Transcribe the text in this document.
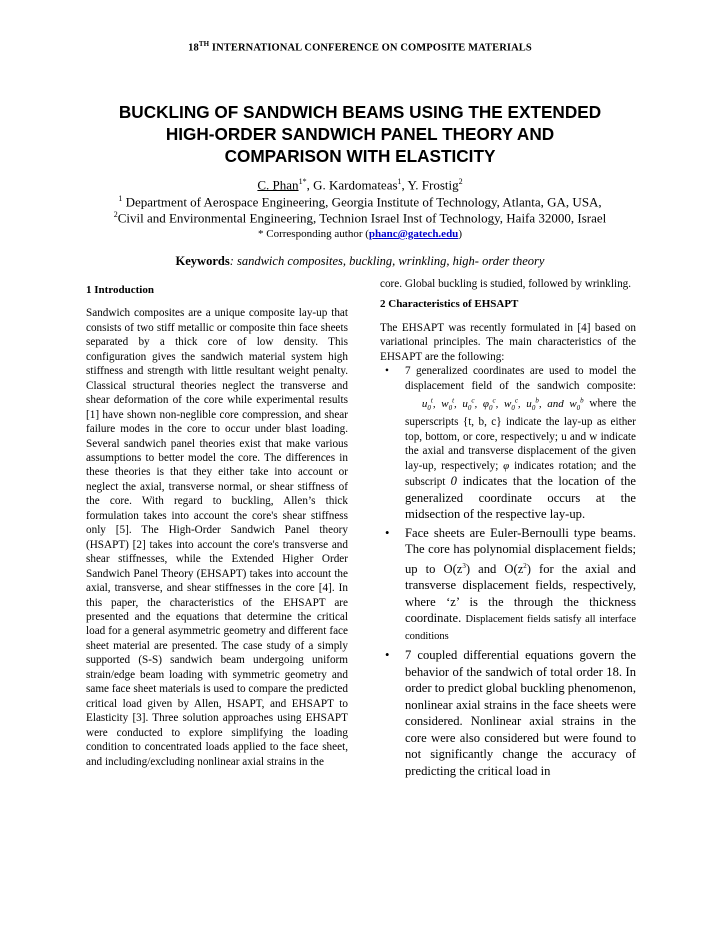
18TH INTERNATIONAL CONFERENCE ON COMPOSITE MATERIALS
BUCKLING OF SANDWICH BEAMS USING THE EXTENDED
HIGH-ORDER SANDWICH PANEL THEORY AND
COMPARISON WITH ELASTICITY
C. Phan$^{1*}$, G. Kardomateas$^1$, Y. Frostig$^2$
$^1$ Department of Aerospace Engineering, Georgia Institute of Technology, Atlanta, GA, USA,
$^2$Civil and Environmental Engineering, Technion Israel Inst of Technology, Haifa 32000, Israel
* Corresponding author (phanc@gatech.edu)
Keywords: sandwich composites, buckling, wrinkling, high- order theory

1 Introduction

Sandwich composites are a unique composite lay-up that consists of two stiff metallic or composite thin face sheets separated by a thick core of low density. This configuration gives the sandwich material system high stiffness and strength with little resultant weight penalty. Classical structural theories neglect the transverse and shear deformation of the core while experimental results [1] have shown non-neglible core compression, and shear failure modes in the core to occur under blast loading. Several sandwich panel theories exist that make various assumptions to better model the core. The differences in these theories is that they either take into account or neglect the axial, transverse normal, or shear stiffness of the core. With regard to buckling, Allen’s thick formulation takes into account the core's shear stiffness only [5]. The High-Order Sandwich Panel theory (HSAPT) [2] takes into account the core's transverse and shear stiffnesses, while the Extended Higher Order Sandwich Panel Theory (EHSAPT) takes into account the axial, transverse, and shear stiffnesses in the core [4]. In this paper, the characteristics of the EHSAPT are presented and the equations that determine the critical load for a general asymmetric geometry and different face sheet material are presented. The case study of a simply supported (S-S) sandwich beam undergoing uniform strain/edge beam loading with symmetric geometry and same face sheet materials is used to compare the predicted critical load given by Allen, HSAPT, and EHSAPT to Elasticity [3]. Three solution approaches using EHSAPT were conducted to explore simplifying the loading condition to concentrated loads applied to the face sheet, and including/excluding nonlinear axial strains in the

core. Global buckling is studied, followed by wrinkling.

2 Characteristics of EHSAPT

The EHSAPT was recently formulated in [4] based on variational principles. The main characteristics of the EHSAPT are the following:

• 7 generalized coordinates are used to model the displacement field of the sandwich composite:    $u_0^t$, $w_0^t$, $u_0^c$, $\varphi_0^c$, $w_0^c$, $u_0^b$, and $w_0^b$ where the superscripts {t, b, c} indicate the lay-up as either top, bottom, or core, respectively; u and w indicate the axial and transverse displacement of the given lay-up, respectively; φ indicates rotation; and the subscript 0 indicates that the location of the generalized coordinate occurs at the midsection of the respective lay-up.
• Face sheets are Euler-Bernoulli type beams. The core has polynomial displacement fields; up to $O(z^3)$ and $O(z^2)$ for the axial and transverse displacement fields, respectively, where ‘z’ is the through the thickness coordinate. Displacement fields satisfy all interface conditions
• 7 coupled differential equations govern the behavior of the sandwich of total order 18. In order to predict global buckling phenomenon, nonlinear axial strains in the face sheets were considered. Nonlinear axial strains in the core were also considered but were found to not significantly change the accuracy of predicting the critical load in
